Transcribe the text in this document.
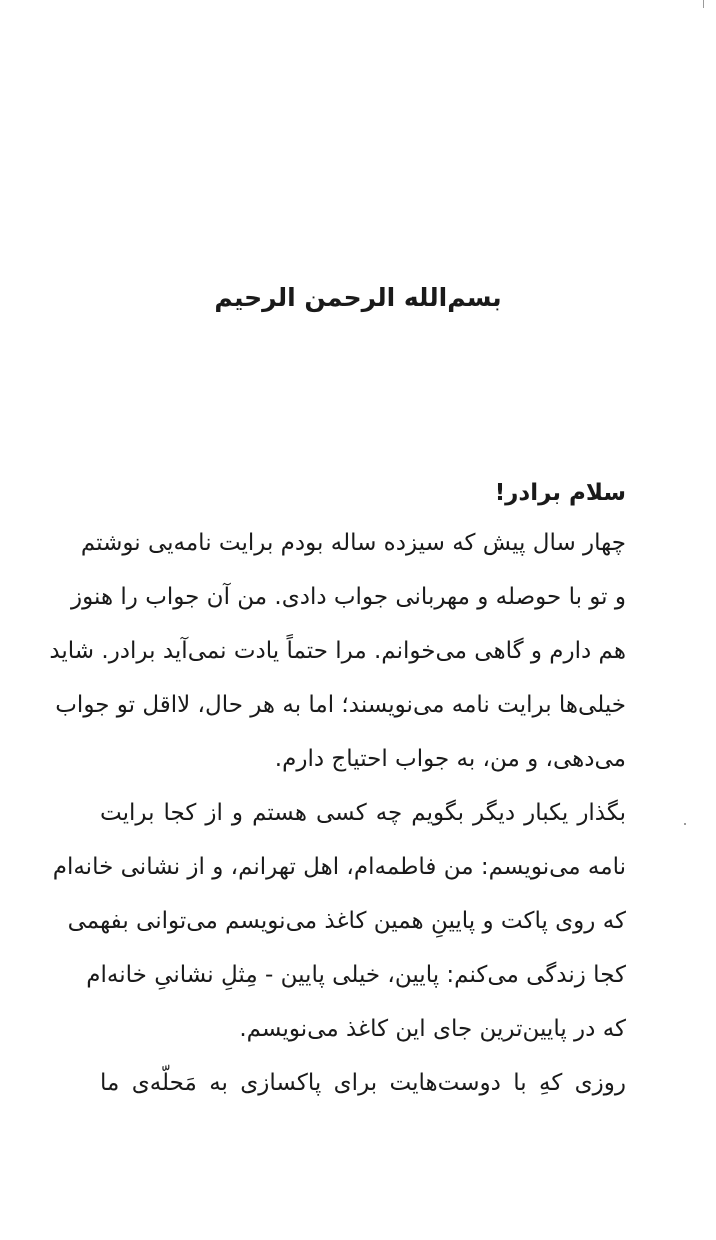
بسم‌الله الرحمن الرحیم
سلام برادر!
چهار سال پیش که سیزده ساله بودم برایت نامه‌یی نوشتم
و تو با حوصله و مهربانی جواب دادی. من آن جواب را هنوز
هم دارم و گاهی می‌خوانم. مرا حتماً یادت نمی‌آید برادر. شاید
خیلی‌ها برایت نامه می‌نویسند؛ اما به هر حال، لااقل تو جواب
می‌دهی، و من، به جواب احتیاج دارم.
بگذار یکبار دیگر بگویم چه کسی هستم و از کجا برایت
نامه می‌نویسم: من فاطمه‌ام، اهل تهرانم، و از نشانی خانه‌ام
که روی پاکت و پایینِ همین کاغذ می‌نویسم می‌توانی بفهمی
کجا زندگی می‌کنم: پایین، خیلی پایین - مِثلِ نشانیِ خانه‌ام
که در پایین‌ترین جای این کاغذ می‌نویسم.
روزی کهِ با دوست‌هایت برای پاکسازی به مَحلّه‌ی ما
